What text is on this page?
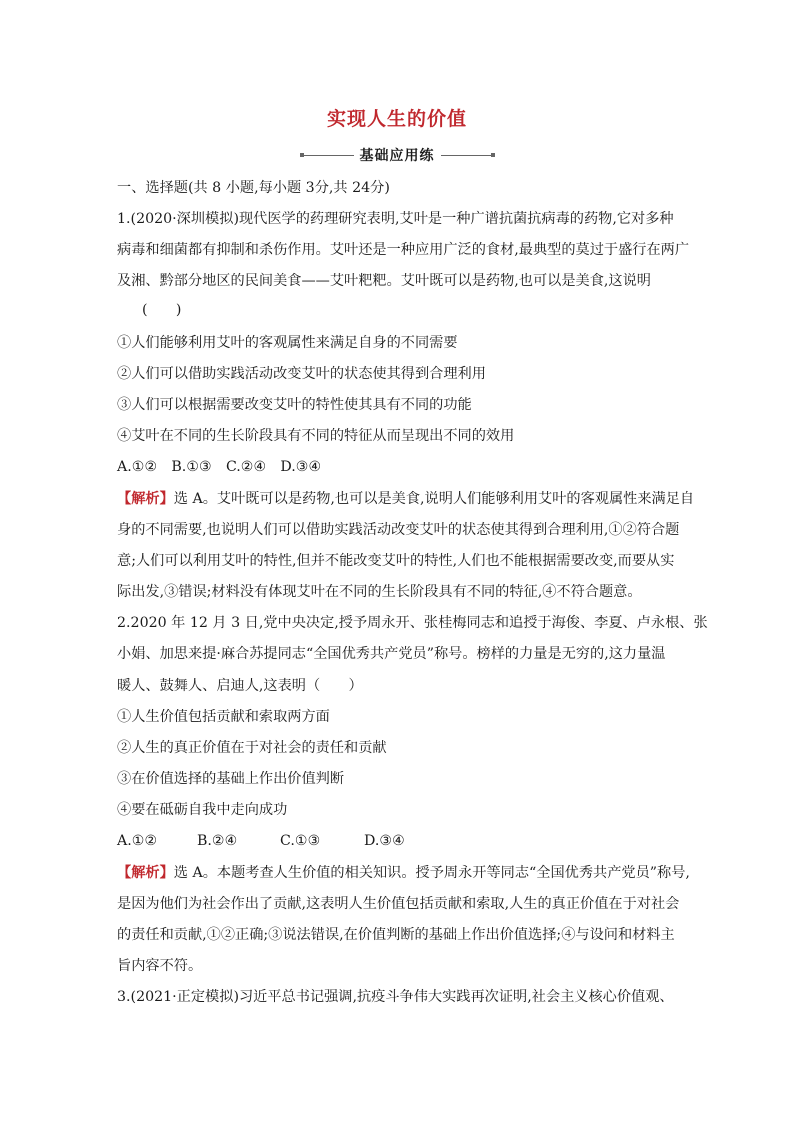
实现人生的价值
基础应用练
一、选择题(共 8 小题,每小题 3分,共 24分)
1.(2020·深圳模拟)现代医学的药理研究表明,艾叶是一种广谱抗菌抗病毒的药物,它对多种
病毒和细菌都有抑制和杀伤作用。艾叶还是一种应用广泛的食材,最典型的莫过于盛行在两广
及湘、黔部分地区的民间美食——艾叶粑粑。艾叶既可以是药物,也可以是美食,这说明
(　　)
①人们能够利用艾叶的客观属性来满足自身的不同需要
②人们可以借助实践活动改变艾叶的状态使其得到合理利用
③人们可以根据需要改变艾叶的特性使其具有不同的功能
④艾叶在不同的生长阶段具有不同的特征从而呈现出不同的效用
A.①②　B.①③　C.②④　D.③④
【解析】选 A。艾叶既可以是药物,也可以是美食,说明人们能够利用艾叶的客观属性来满足自
身的不同需要,也说明人们可以借助实践活动改变艾叶的状态使其得到合理利用,①②符合题
意;人们可以利用艾叶的特性,但并不能改变艾叶的特性,人们也不能根据需要改变,而要从实
际出发,③错误;材料没有体现艾叶在不同的生长阶段具有不同的特征,④不符合题意。
2.2020 年 12 月 3 日,党中央决定,授予周永开、张桂梅同志和追授于海俊、李夏、卢永根、张
小娟、加思来提·麻合苏提同志“全国优秀共产党员”称号。榜样的力量是无穷的,这力量温
暖人、鼓舞人、启迪人,这表明（　　）
①人生价值包括贡献和索取两方面
②人生的真正价值在于对社会的责任和贡献
③在价值选择的基础上作出价值判断
④要在砥砺自我中走向成功
A.①②	B.②④	C.①③	D.③④
【解析】选 A。本题考查人生价值的相关知识。授予周永开等同志“全国优秀共产党员”称号,
是因为他们为社会作出了贡献,这表明人生价值包括贡献和索取,人生的真正价值在于对社会
的责任和贡献,①②正确;③说法错误,在价值判断的基础上作出价值选择;④与设问和材料主
旨内容不符。
3.(2021·正定模拟)习近平总书记强调,抗疫斗争伟大实践再次证明,社会主义核心价值观、
